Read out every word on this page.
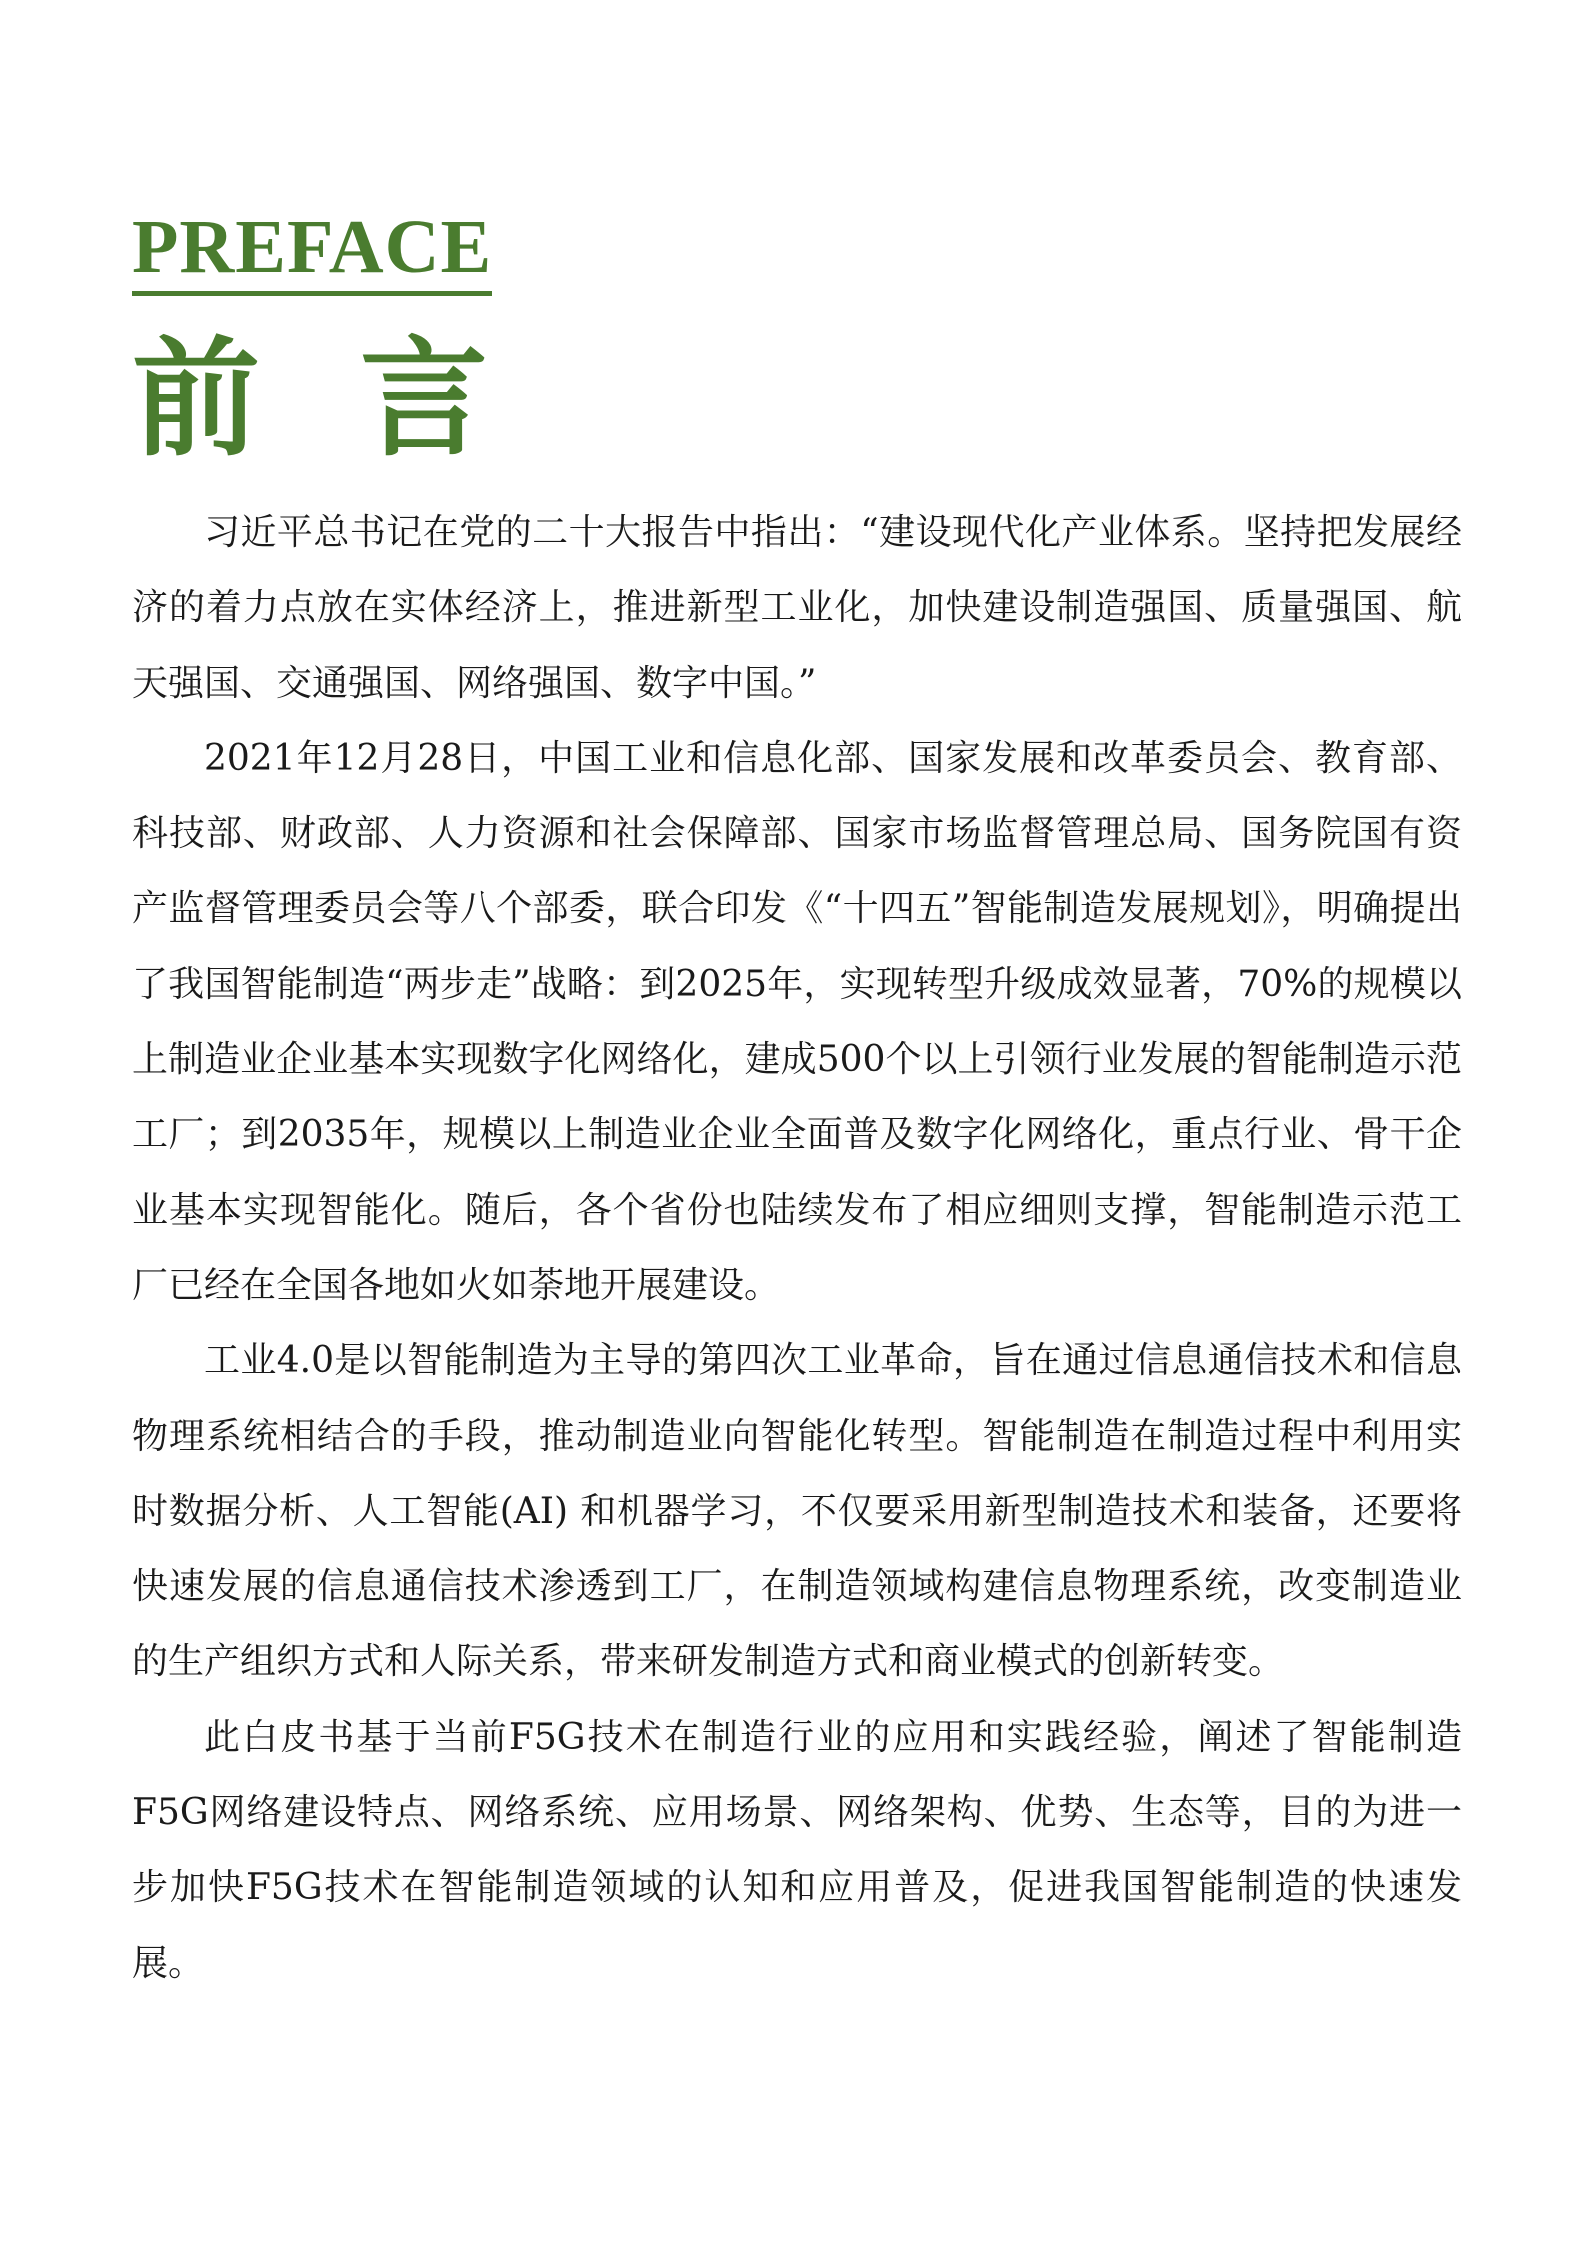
PREFACE
前言

习近平总书记在党的二十大报告中指出：“建设现代化产业体系。坚持把发展经济的着力点放在实体经济上，推进新型工业化，加快建设制造强国、质量强国、航天强国、交通强国、网络强国、数字中国。”

2021年12月28日，中国工业和信息化部、国家发展和改革委员会、教育部、科技部、财政部、人力资源和社会保障部、国家市场监督管理总局、国务院国有资产监督管理委员会等八个部委，联合印发《“十四五”智能制造发展规划》，明确提出了我国智能制造“两步走”战略：到2025年，实现转型升级成效显著，70%的规模以上制造业企业基本实现数字化网络化，建成500个以上引领行业发展的智能制造示范工厂；到2035年，规模以上制造业企业全面普及数字化网络化，重点行业、骨干企业基本实现智能化。随后，各个省份也陆续发布了相应细则支撑，智能制造示范工厂已经在全国各地如火如荼地开展建设。

工业4.0是以智能制造为主导的第四次工业革命，旨在通过信息通信技术和信息物理系统相结合的手段，推动制造业向智能化转型。智能制造在制造过程中利用实时数据分析、人工智能(AI) 和机器学习，不仅要采用新型制造技术和装备，还要将快速发展的信息通信技术渗透到工厂，在制造领域构建信息物理系统，改变制造业的生产组织方式和人际关系，带来研发制造方式和商业模式的创新转变。

此白皮书基于当前F5G技术在制造行业的应用和实践经验，阐述了智能制造F5G网络建设特点、网络系统、应用场景、网络架构、优势、生态等，目的为进一步加快F5G技术在智能制造领域的认知和应用普及，促进我国智能制造的快速发展。
